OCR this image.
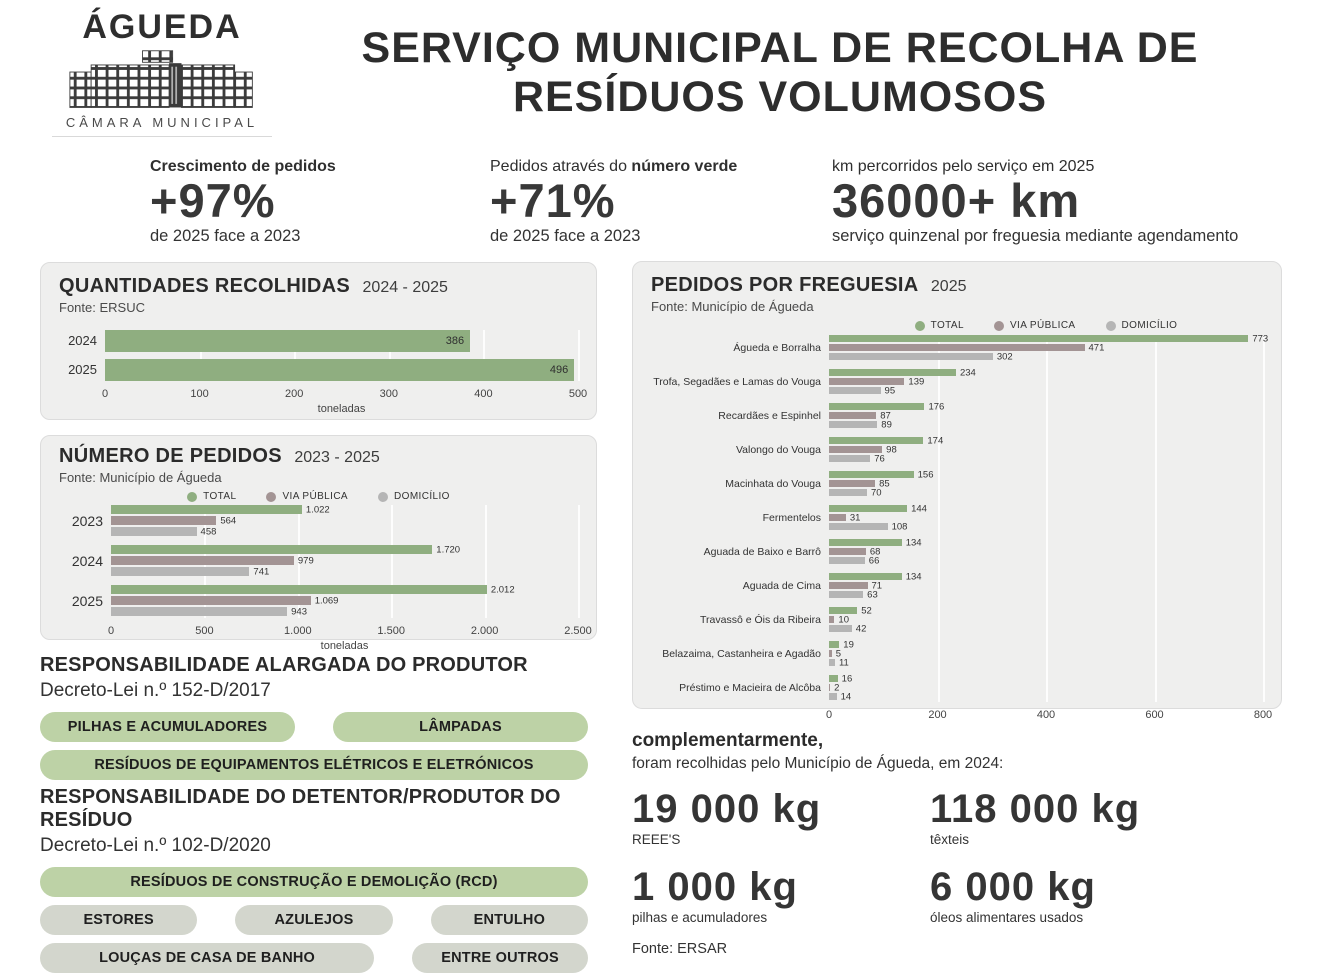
ÁGUEDA
CÂMARA MUNICIPAL
SERVIÇO MUNICIPAL DE RECOLHA DE RESÍDUOS VOLUMOSOS
Crescimento de pedidos
+97%
de 2025 face a 2023
Pedidos através do número verde
+71%
de 2025 face a 2023
km percorridos pelo serviço em 2025
36000+ km
serviço quinzenal por freguesia mediante agendamento
QUANTIDADES RECOLHIDAS 2024 - 2025
Fonte: ERSUC
2024	386
2025	496
0	100	200	300	400	500
toneladas
NÚMERO DE PEDIDOS 2023 - 2025
Fonte: Município de Águeda
TOTAL	VIA PÚBLICA	DOMICÍLIO
2023
1.022
564
458
2024
1.720
979
741
2025
2.012
1.069
943
0	500	1.000	1.500	2.000	2.500
toneladas
PEDIDOS POR FREGUESIA 2025
Fonte: Município de Águeda
TOTAL	VIA PÚBLICA	DOMICÍLIO
Águeda e Borralha
773
471
302
Trofa, Segadães e Lamas do Vouga
234
139
95
Recardães e Espinhel
176
87
89
Valongo do Vouga
174
98
76
Macinhata do Vouga
156
85
70
Fermentelos
144
31
108
Aguada de Baixo e Barrô
134
68
66
Aguada de Cima
134
71
63
Travassô e Óis da Ribeira
52
10
42
Belazaima, Castanheira e Agadão
19
5
11
Préstimo e Macieira de Alcôba
16
2
14
0	200	400	600	800
RESPONSABILIDADE ALARGADA DO PRODUTOR
Decreto-Lei n.º 152-D/2017
PILHAS E ACUMULADORES	LÂMPADAS
RESÍDUOS DE EQUIPAMENTOS ELÉTRICOS E ELETRÓNICOS
RESPONSABILIDADE DO DETENTOR/PRODUTOR DO RESÍDUO
Decreto-Lei n.º 102-D/2020
RESÍDUOS DE CONSTRUÇÃO E DEMOLIÇÃO (RCD)
ESTORES	AZULEJOS	ENTULHO
LOUÇAS DE CASA DE BANHO	ENTRE OUTROS
complementarmente,
foram recolhidas pelo Município de Águeda, em 2024:
19 000 kg
REEE'S
118 000 kg
têxteis
1 000 kg
pilhas e acumuladores
6 000 kg
óleos alimentares usados
Fonte: ERSAR
